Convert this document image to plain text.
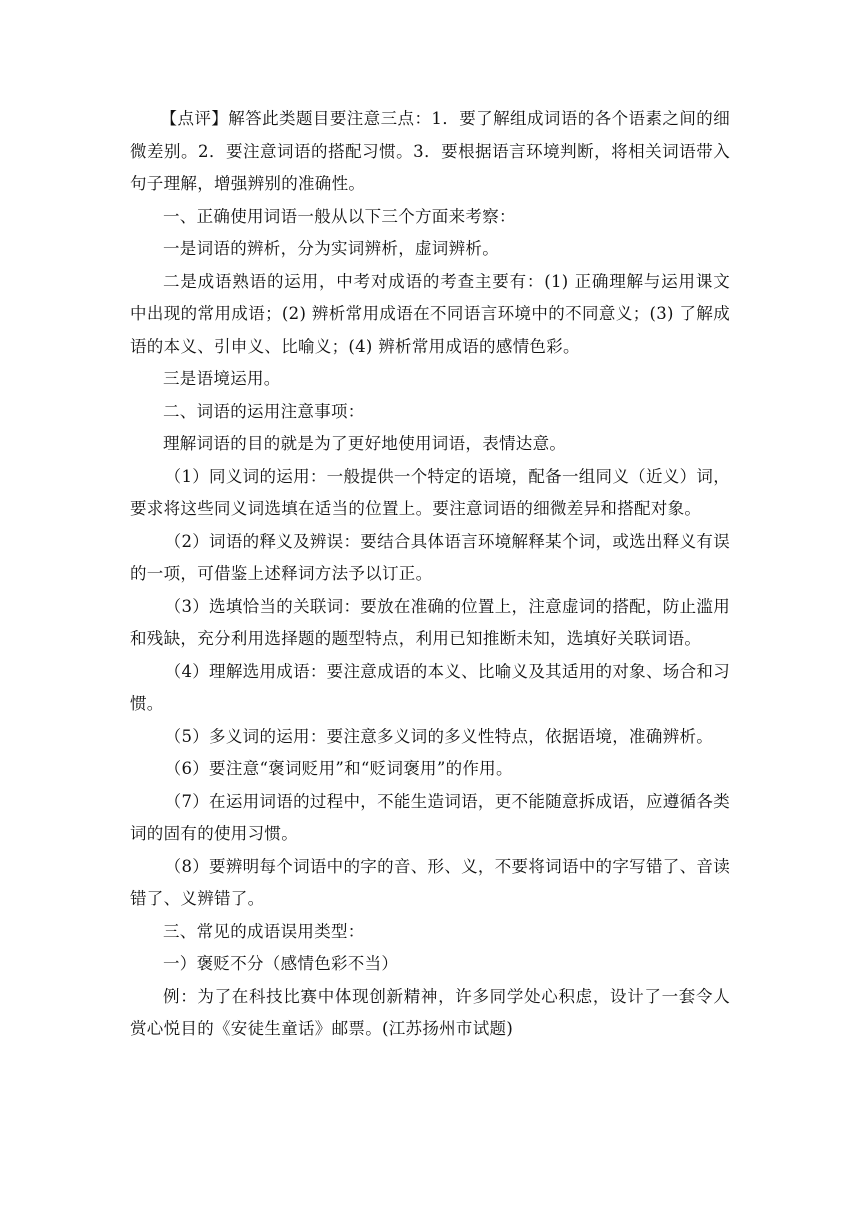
【点评】解答此类题目要注意三点：1．要了解组成词语的各个语素之间的细微差别。2．要注意词语的搭配习惯。3．要根据语言环境判断，将相关词语带入句子理解，增强辨别的准确性。

一、正确使用词语一般从以下三个方面来考察：

一是词语的辨析，分为实词辨析，虚词辨析。

二是成语熟语的运用，中考对成语的考查主要有：(1) 正确理解与运用课文中出现的常用成语；(2) 辨析常用成语在不同语言环境中的不同意义；(3) 了解成语的本义、引申义、比喻义；(4) 辨析常用成语的感情色彩。

三是语境运用。

二、词语的运用注意事项：

理解词语的目的就是为了更好地使用词语，表情达意。

（1）同义词的运用：一般提供一个特定的语境，配备一组同义（近义）词，要求将这些同义词选填在适当的位置上。要注意词语的细微差异和搭配对象。

（2）词语的释义及辨误：要结合具体语言环境解释某个词，或选出释义有误的一项，可借鉴上述释词方法予以订正。

（3）选填恰当的关联词：要放在准确的位置上，注意虚词的搭配，防止滥用和残缺，充分利用选择题的题型特点，利用已知推断未知，选填好关联词语。

（4）理解选用成语：要注意成语的本义、比喻义及其适用的对象、场合和习惯。

（5）多义词的运用：要注意多义词的多义性特点，依据语境，准确辨析。

（6）要注意“褒词贬用”和“贬词褒用”的作用。

（7）在运用词语的过程中，不能生造词语，更不能随意拆成语，应遵循各类词的固有的使用习惯。

（8）要辨明每个词语中的字的音、形、义，不要将词语中的字写错了、音读错了、义辨错了。

三、常见的成语误用类型：

一）褒贬不分（感情色彩不当）

例：为了在科技比赛中体现创新精神，许多同学处心积虑，设计了一套令人赏心悦目的《安徒生童话》邮票。(江苏扬州市试题)
